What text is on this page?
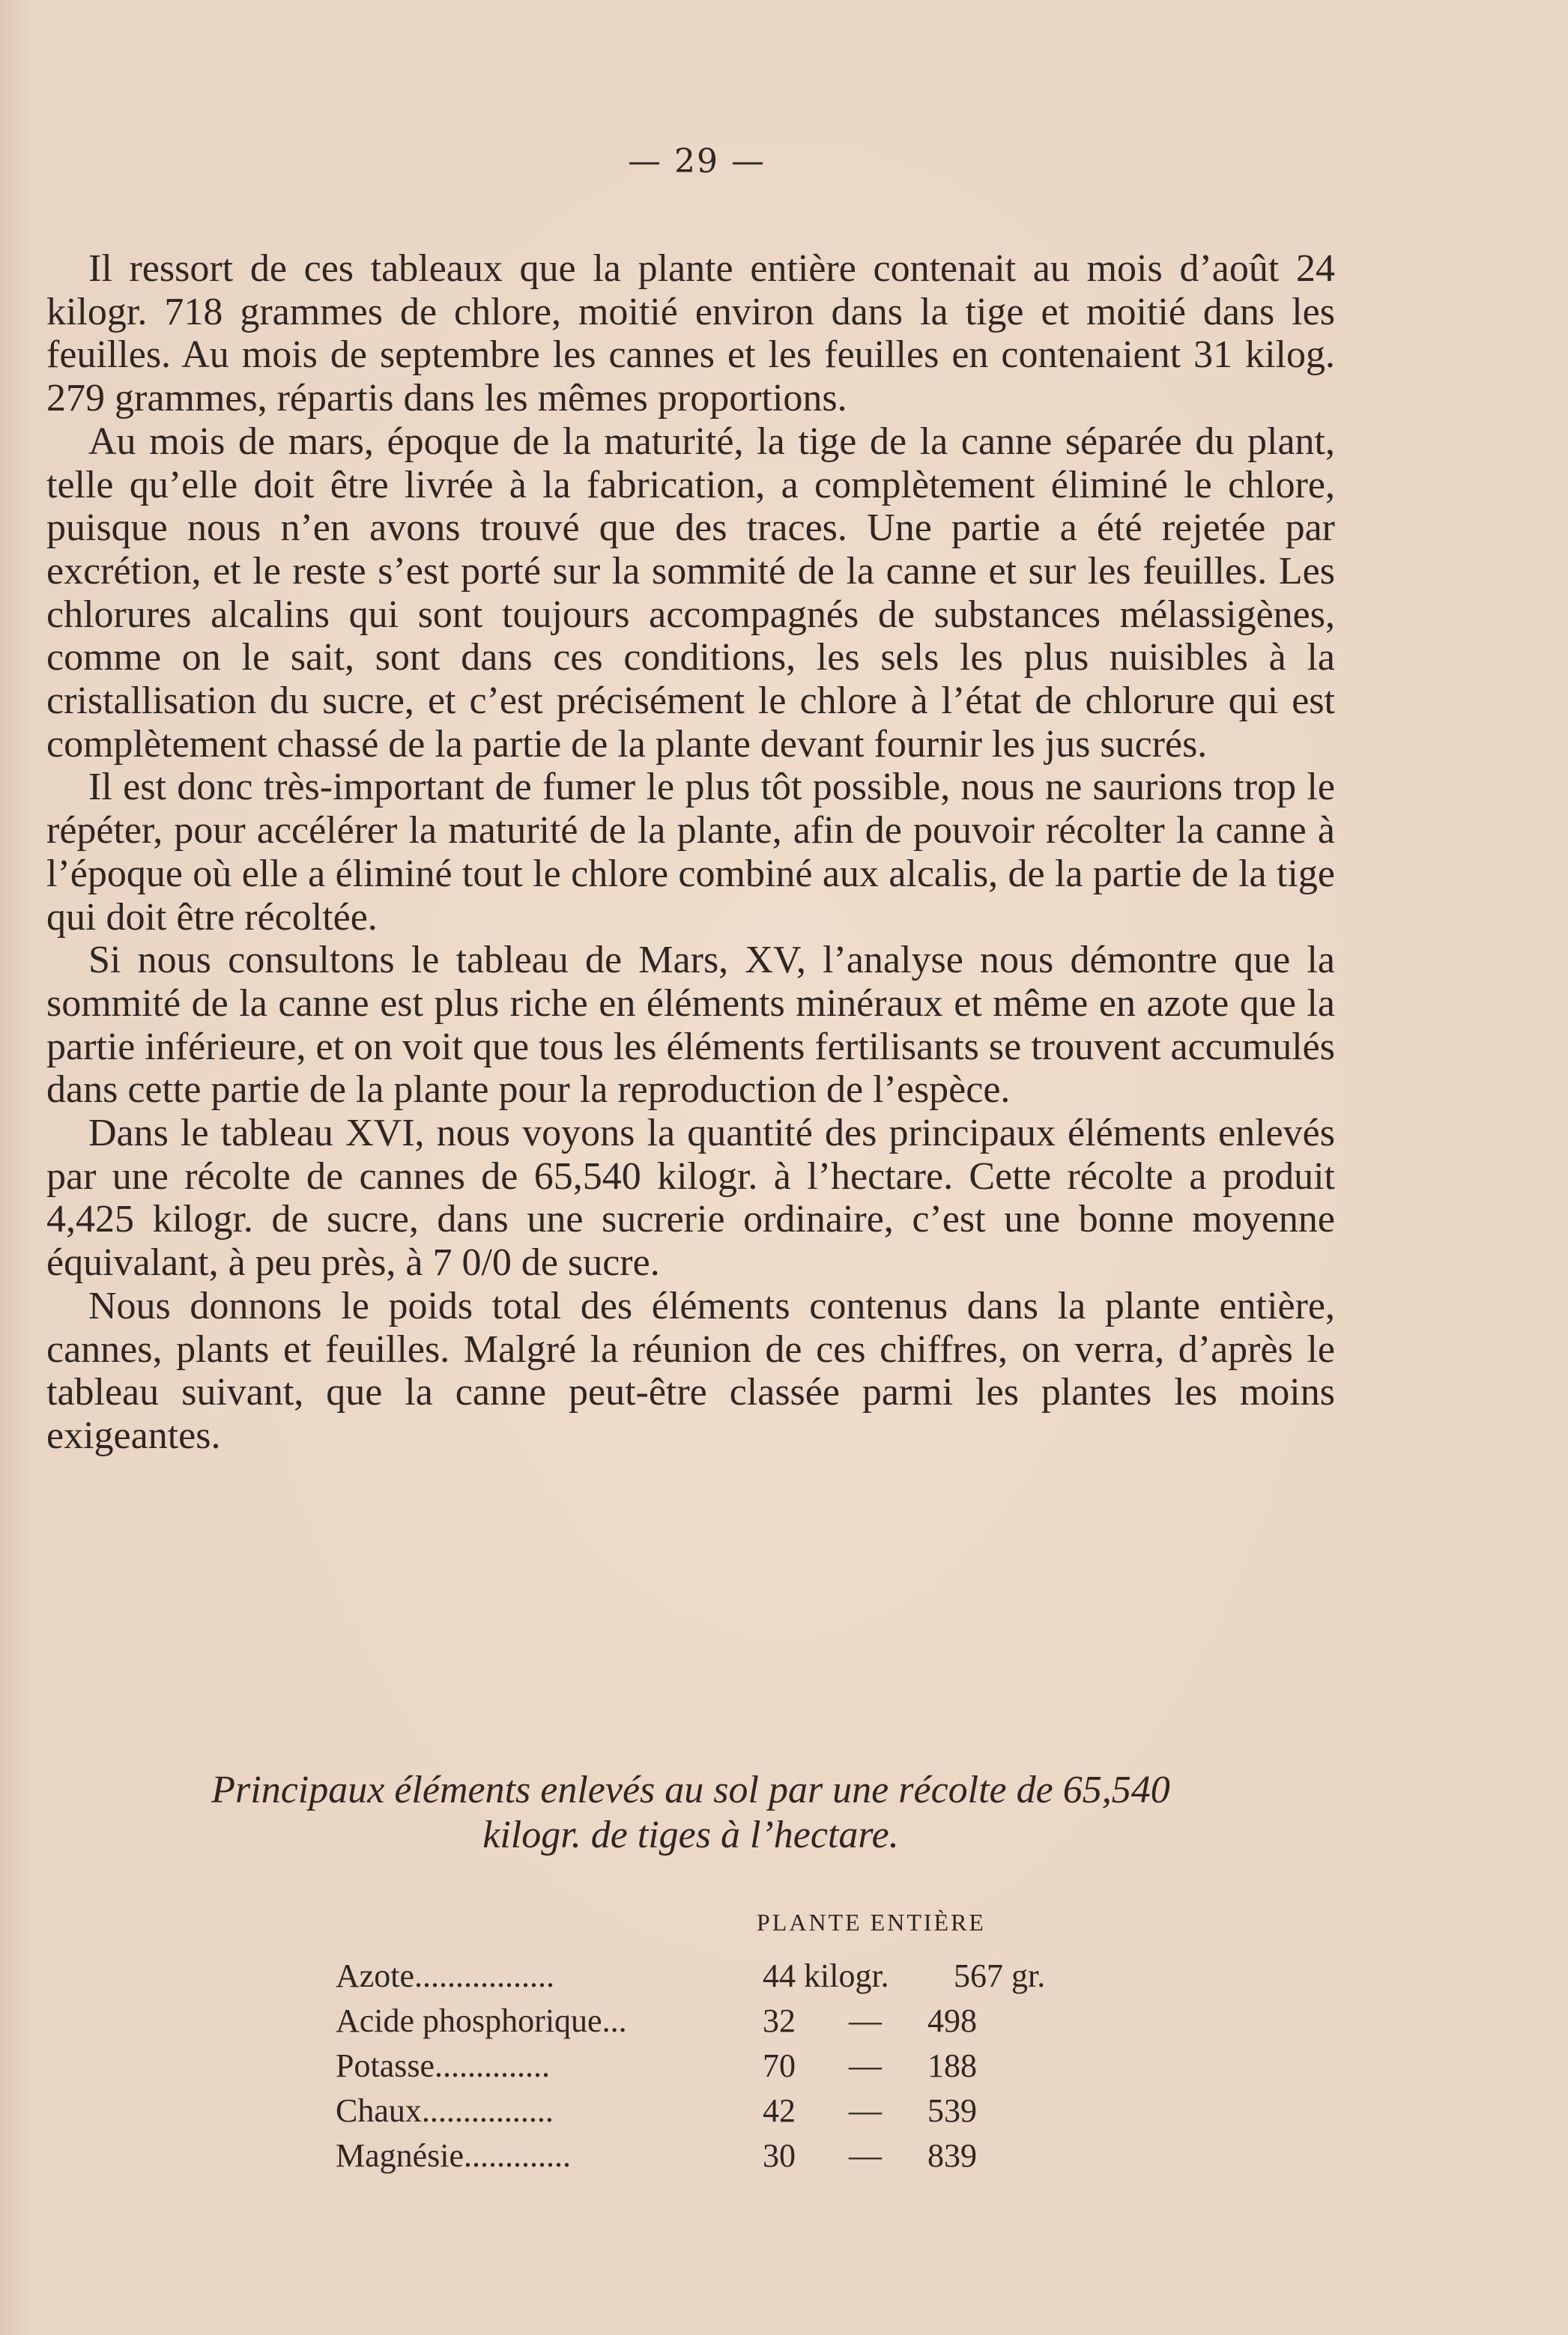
— 29 —

Il ressort de ces tableaux que la plante entière contenait au mois d’août 24 kilogr. 718 grammes de chlore, moitié environ dans la tige et moitié dans les feuilles. Au mois de septembre les cannes et les feuilles en contenaient 31 kilog. 279 grammes, répartis dans les mêmes proportions.

Au mois de mars, époque de la maturité, la tige de la canne séparée du plant, telle qu’elle doit être livrée à la fabrication, a complètement éliminé le chlore, puisque nous n’en avons trouvé que des traces. Une partie a été rejetée par excrétion, et le reste s’est porté sur la sommité de la canne et sur les feuilles. Les chlorures alcalins qui sont toujours accompagnés de substances mélassigènes, comme on le sait, sont dans ces conditions, les sels les plus nuisibles à la cristallisation du sucre, et c’est précisément le chlore à l’état de chlorure qui est complètement chassé de la partie de la plante devant fournir les jus sucrés.

Il est donc très-important de fumer le plus tôt possible, nous ne saurions trop le répéter, pour accélérer la maturité de la plante, afin de pouvoir récolter la canne à l’époque où elle a éliminé tout le chlore combiné aux alcalis, de la partie de la tige qui doit être récoltée.

Si nous consultons le tableau de Mars, XV, l’analyse nous démontre que la sommité de la canne est plus riche en éléments minéraux et même en azote que la partie inférieure, et on voit que tous les éléments fertilisants se trouvent accumulés dans cette partie de la plante pour la reproduction de l’espèce.

Dans le tableau XVI, nous voyons la quantité des principaux éléments enlevés par une récolte de cannes de 65,540 kilogr. à l’hectare. Cette récolte a produit 4,425 kilogr. de sucre, dans une sucrerie ordinaire, c’est une bonne moyenne équivalant, à peu près, à 7 0/0 de sucre.

Nous donnons le poids total des éléments contenus dans la plante entière, cannes, plants et feuilles. Malgré la réunion de ces chiffres, on verra, d’après le tableau suivant, que la canne peut-être classée parmi les plantes les moins exigeantes.

Principaux éléments enlevés au sol par une récolte de 65,540
kilogr. de tiges à l’hectare.
PLANTE ENTIÈRE
Azote.................	44 kilogr. 567 gr.
Acide phosphorique...	32 — 498
Potasse..............	70 — 188
Chaux................	42 — 539
Magnésie.............	30 — 839
